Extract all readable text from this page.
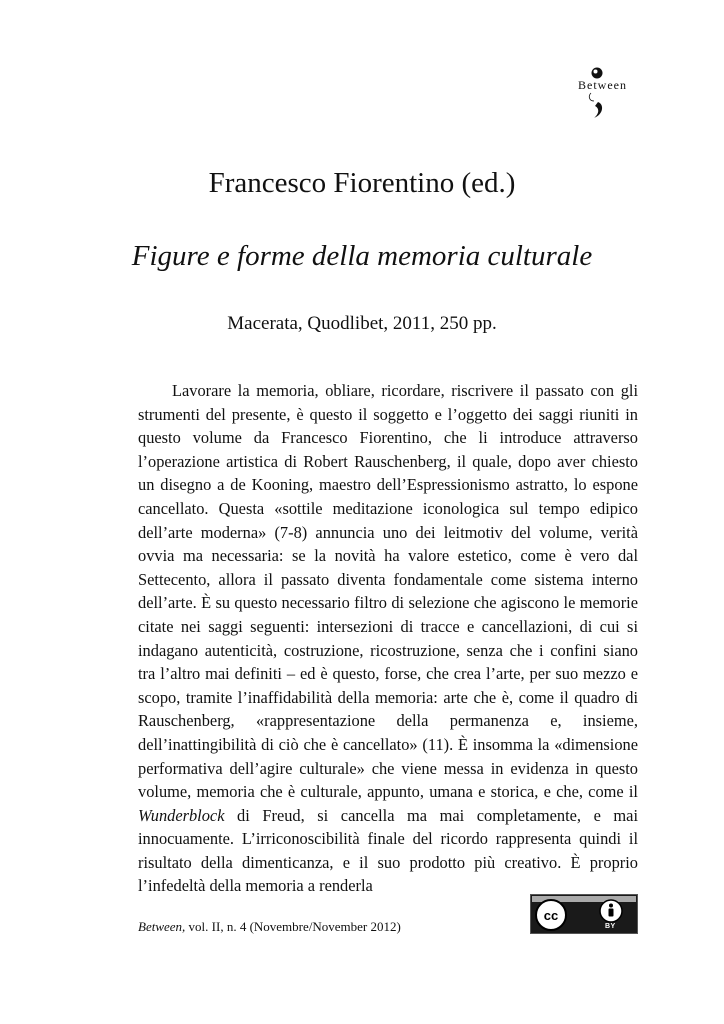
Between
Francesco Fiorentino (ed.)
Figure e forme della memoria culturale
Macerata, Quodlibet, 2011, 250 pp.

Lavorare la memoria, obliare, ricordare, riscrivere il passato con gli strumenti del presente, è questo il soggetto e l’oggetto dei saggi riuniti in questo volume da Francesco Fiorentino, che li introduce attraverso l’operazione artistica di Robert Rauschenberg, il quale, dopo aver chiesto un disegno a de Kooning, maestro dell’Espressionismo astratto, lo espone cancellato. Questa «sottile meditazione iconologica sul tempo edipico dell’arte moderna» (7-8) annuncia uno dei leitmotiv del volume, verità ovvia ma necessaria: se la novità ha valore estetico, come è vero dal Settecento, allora il passato diventa fondamentale come sistema interno dell’arte. È su questo necessario filtro di selezione che agiscono le memorie citate nei saggi seguenti: intersezioni di tracce e cancellazioni, di cui si indagano autenticità, costruzione, ricostruzione, senza che i confini siano tra l’altro mai definiti – ed è questo, forse, che crea l’arte, per suo mezzo e scopo, tramite l’inaffidabilità della memoria: arte che è, come il quadro di Rauschenberg, «rappresentazione della permanenza e, insieme, dell’inattingibilità di ciò che è cancellato» (11). È insomma la «dimensione performativa dell’agire culturale» che viene messa in evidenza in questo volume, memoria che è culturale, appunto, umana e storica, e che, come il Wunderblock di Freud, si cancella ma mai completamente, e mai innocuamente. L’irriconoscibilità finale del ricordo rappresenta quindi il risultato della dimenticanza, e il suo prodotto più creativo. È proprio l’infedeltà della memoria a renderla

Between, vol. II, n. 4 (Novembre/November 2012)
cc
BY
